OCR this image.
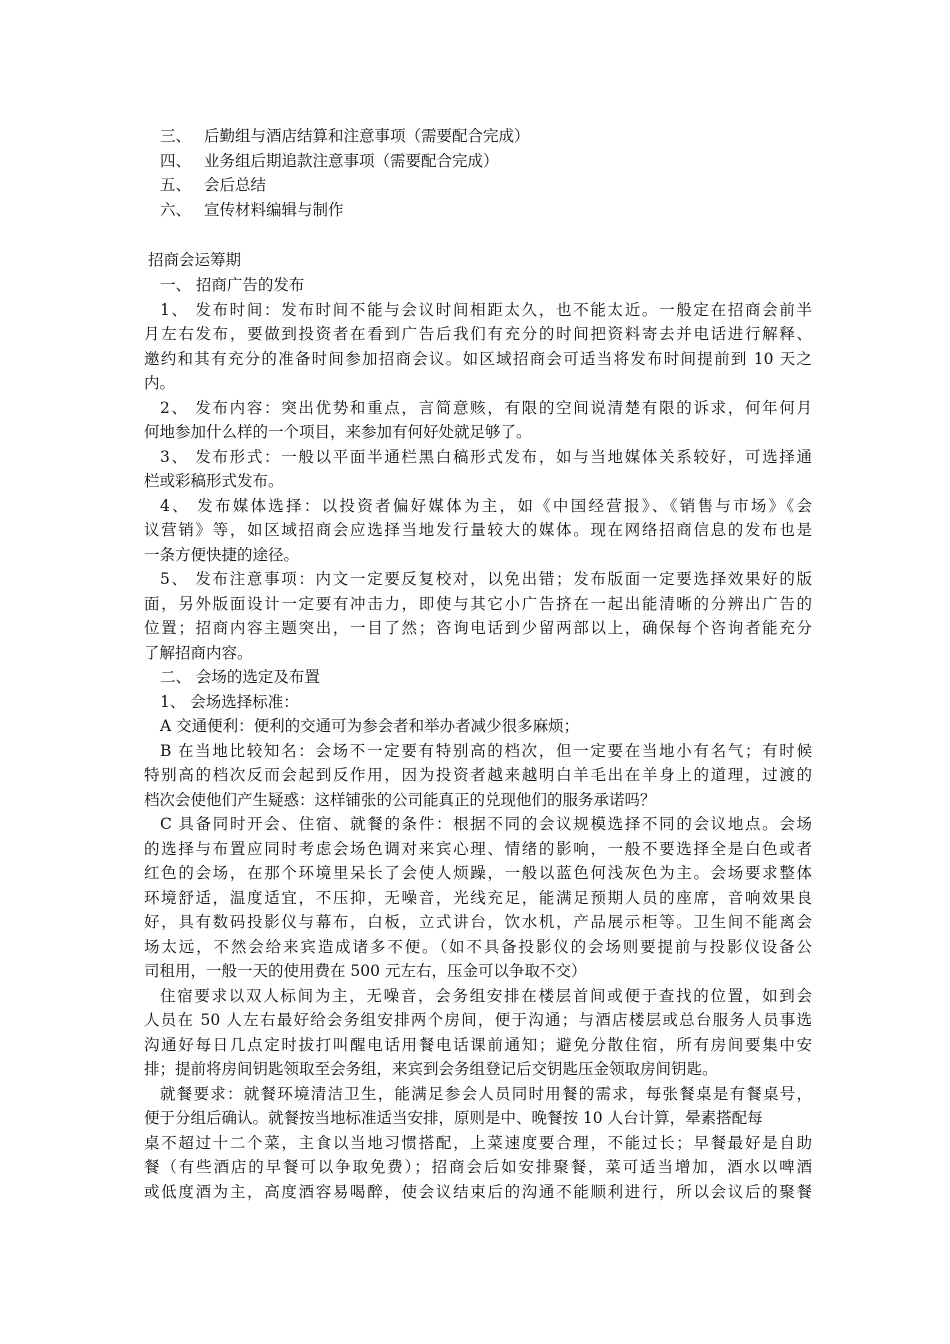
三、 后勤组与酒店结算和注意事项（需要配合完成）
四、 业务组后期追款注意事项（需要配合完成）
五、 会后总结
六、 宣传材料编辑与制作
招商会运筹期
一、 招商广告的发布
1、 发布时间：发布时间不能与会议时间相距太久，也不能太近。一般定在招商会前半
月左右发布，要做到投资者在看到广告后我们有充分的时间把资料寄去并电话进行解释、
邀约和其有充分的准备时间参加招商会议。如区域招商会可适当将发布时间提前到 10 天之
内。
2、 发布内容：突出优势和重点，言简意赅，有限的空间说清楚有限的诉求，何年何月
何地参加什么样的一个项目，来参加有何好处就足够了。
3、 发布形式：一般以平面半通栏黑白稿形式发布，如与当地媒体关系较好，可选择通
栏或彩稿形式发布。
4、 发布媒体选择：以投资者偏好媒体为主，如《中国经营报》、《销售与市场》《会
议营销》等，如区域招商会应选择当地发行量较大的媒体。现在网络招商信息的发布也是
一条方便快捷的途径。
5、 发布注意事项：内文一定要反复校对，以免出错；发布版面一定要选择效果好的版
面，另外版面设计一定要有冲击力，即使与其它小广告挤在一起出能清晰的分辨出广告的
位置；招商内容主题突出，一目了然；咨询电话到少留两部以上，确保每个咨询者能充分
了解招商内容。
二、 会场的选定及布置
1、 会场选择标准：
A 交通便利：便利的交通可为参会者和举办者减少很多麻烦；
B 在当地比较知名：会场不一定要有特别高的档次，但一定要在当地小有名气；有时候
特别高的档次反而会起到反作用，因为投资者越来越明白羊毛出在羊身上的道理，过渡的
档次会使他们产生疑惑：这样铺张的公司能真正的兑现他们的服务承诺吗？
C 具备同时开会、住宿、就餐的条件：根据不同的会议规模选择不同的会议地点。会场
的选择与布置应同时考虑会场色调对来宾心理、情绪的影响，一般不要选择全是白色或者
红色的会场，在那个环境里呆长了会使人烦躁，一般以蓝色何浅灰色为主。会场要求整体
环境舒适，温度适宜，不压抑，无噪音，光线充足，能满足预期人员的座席，音响效果良
好，具有数码投影仪与幕布，白板，立式讲台，饮水机，产品展示柜等。卫生间不能离会
场太远，不然会给来宾造成诸多不便。（如不具备投影仪的会场则要提前与投影仪设备公
司租用，一般一天的使用费在 500 元左右，压金可以争取不交）
住宿要求以双人标间为主，无噪音，会务组安排在楼层首间或便于查找的位置，如到会
人员在 50 人左右最好给会务组安排两个房间，便于沟通；与酒店楼层或总台服务人员事选
沟通好每日几点定时拔打叫醒电话用餐电话课前通知；避免分散住宿，所有房间要集中安
排；提前将房间钥匙领取至会务组，来宾到会务组登记后交钥匙压金领取房间钥匙。
就餐要求：就餐环境清洁卫生，能满足参会人员同时用餐的需求，每张餐桌是有餐桌号，
便于分组后确认。就餐按当地标准适当安排，原则是中、晚餐按 10 人台计算，晕素搭配每
桌不超过十二个菜，主食以当地习惯搭配，上菜速度要合理，不能过长；早餐最好是自助
餐（有些酒店的早餐可以争取免费）；招商会后如安排聚餐，菜可适当增加，酒水以啤酒
或低度酒为主，高度酒容易喝醉，使会议结束后的沟通不能顺利进行，所以会议后的聚餐
